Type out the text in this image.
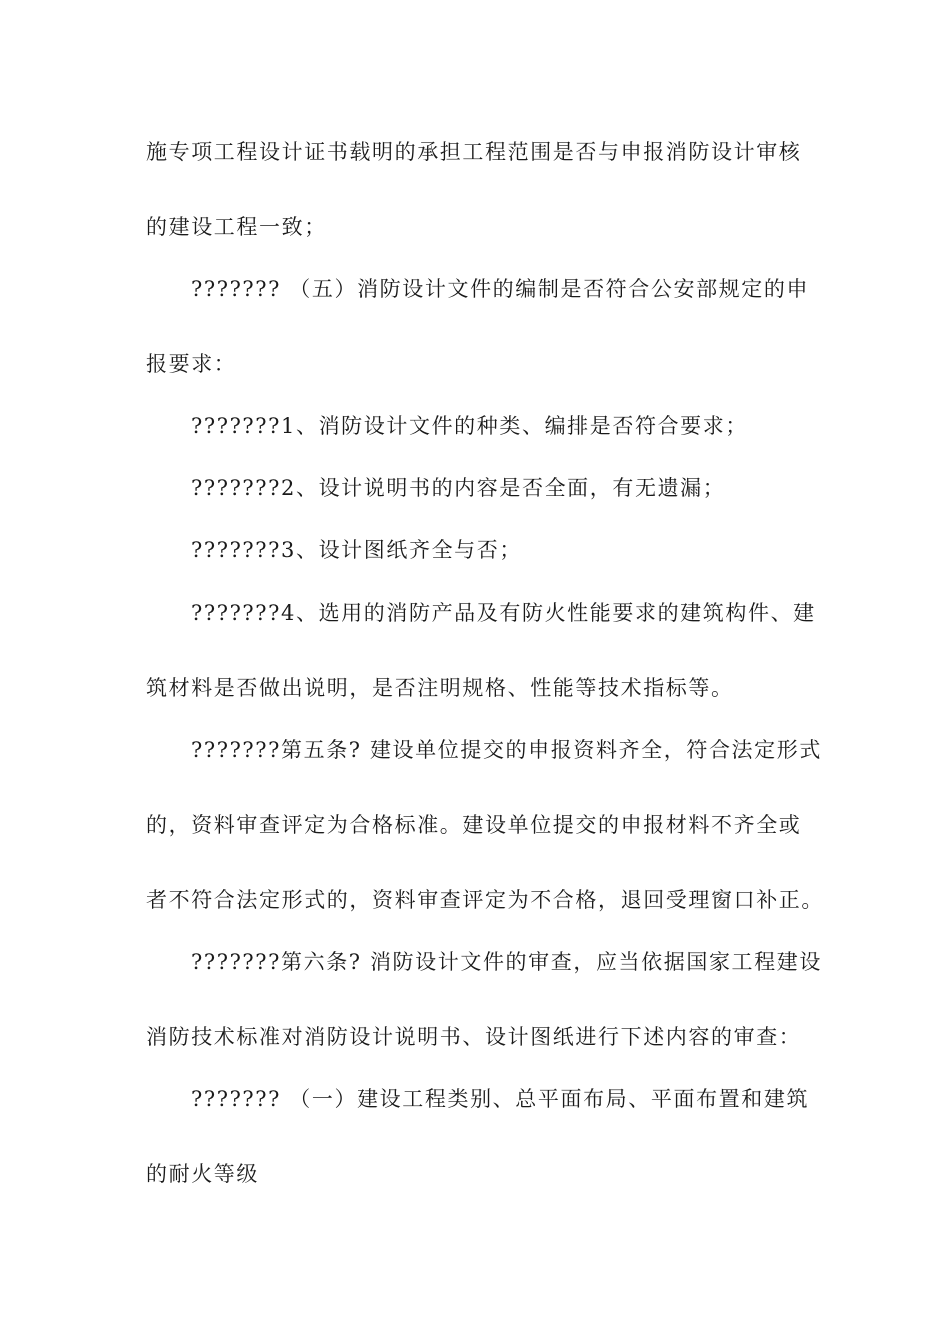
施专项工程设计证书载明的承担工程范围是否与申报消防设计审核
的建设工程一致；
??????? （五）消防设计文件的编制是否符合公安部规定的申
报要求：
???????1、消防设计文件的种类、编排是否符合要求；
???????2、设计说明书的内容是否全面，有无遗漏；
???????3、设计图纸齐全与否；
???????4、选用的消防产品及有防火性能要求的建筑构件、建
筑材料是否做出说明，是否注明规格、性能等技术指标等。
???????第五条? 建设单位提交的申报资料齐全，符合法定形式
的，资料审查评定为合格标准。建设单位提交的申报材料不齐全或
者不符合法定形式的，资料审查评定为不合格，退回受理窗口补正。
???????第六条? 消防设计文件的审查，应当依据国家工程建设
消防技术标准对消防设计说明书、设计图纸进行下述内容的审查：
??????? （一）建设工程类别、总平面布局、平面布置和建筑
的耐火等级
